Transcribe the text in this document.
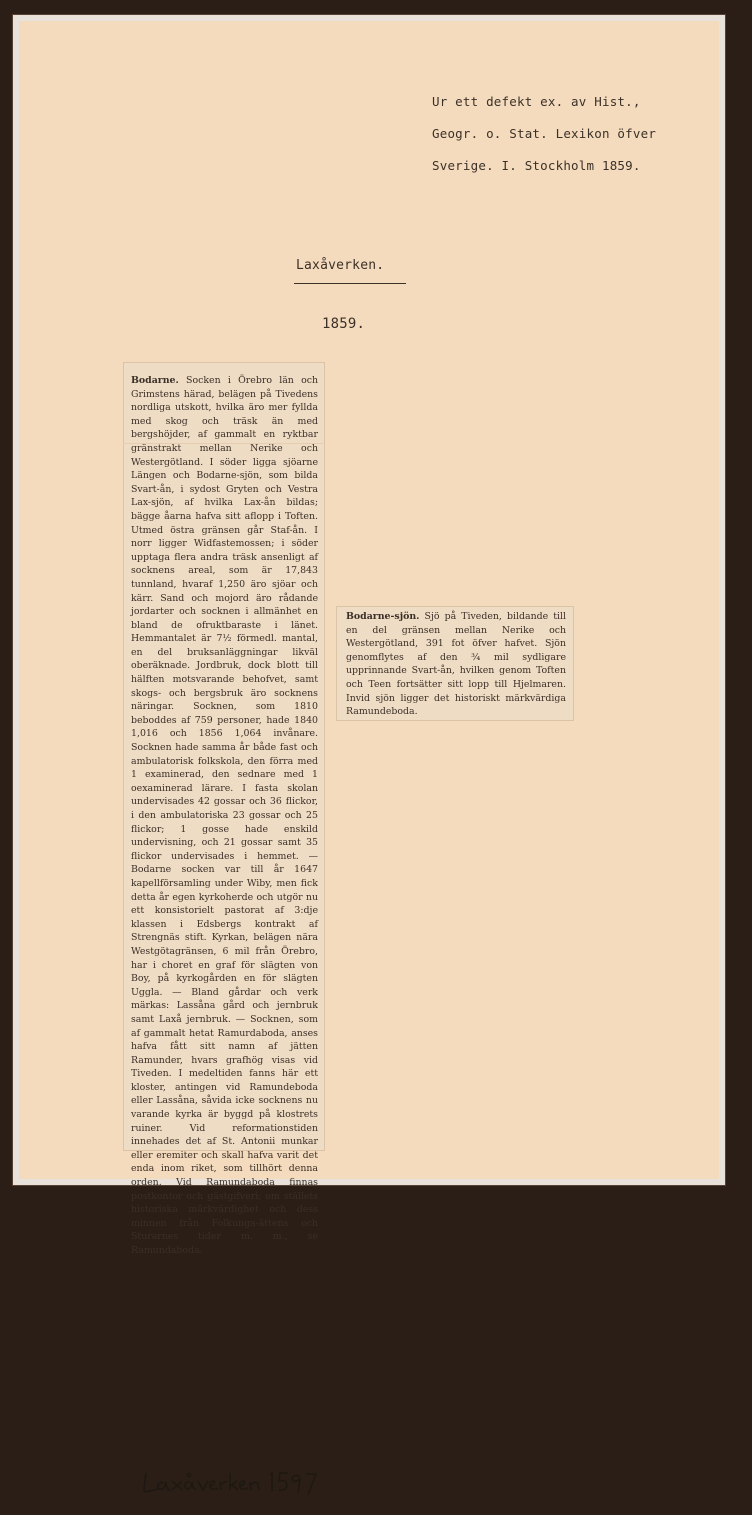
Ur ett defekt ex. av Hist.,
Geogr. o. Stat. Lexikon öfver
Sverige. I. Stockholm 1859.
Laxåverken.
1859.
Bodarne. Socken i Örebro län och Grimstens härad, belägen på Tivedens nordliga utskott, hvilka äro mer fyllda med skog och träsk än med bergshöjder, af gammalt en ryktbar gränstrakt mellan Nerike och Westergötland. I söder ligga sjöarne Längen och Bodarne-sjön, som bilda Svart-ån, i sydost Gryten och Vestra Lax-sjön, af hvilka Lax-ån bildas; bägge åarna hafva sitt aflopp i Toften. Utmed östra gränsen går Staf-ån. I norr ligger Widfastemossen; i söder upptaga flera andra träsk ansenligt af socknens areal, som är 17,843 tunnland, hvaraf 1,250 äro sjöar och kärr. Sand och mojord äro rådande jordarter och socknen i allmänhet en bland de ofruktbaraste i länet. Hemmantalet är 7½ förmedl. mantal, en del bruksanläggningar likväl oberäknade. Jordbruk, dock blott till hälften motsvarande behofvet, samt skogs- och bergsbruk äro socknens näringar. Socknen, som 1810 beboddes af 759 personer, hade 1840 1,016 och 1856 1,064 invånare. Socknen hade samma år både fast och ambulatorisk folkskola, den förra med 1 examinerad, den sednare med 1 oexaminerad lärare. I fasta skolan undervisades 42 gossar och 36 flickor, i den ambulatoriska 23 gossar och 25 flickor; 1 gosse hade enskild undervisning, och 21 gossar samt 35 flickor undervisades i hemmet. — Bodarne socken var till år 1647 kapellförsamling under Wiby, men fick detta år egen kyrkoherde och utgör nu ett konsistorielt pastorat af 3:dje klassen i Edsbergs kontrakt af Strengnäs stift. Kyrkan, belägen nära Westgötagränsen, 6 mil från Örebro, har i choret en graf för slägten von Boy, på kyrkogården en för slägten Uggla. — Bland gårdar och verk märkas: Lassåna gård och jernbruk samt Laxå jernbruk. — Socknen, som af gammalt hetat Ramurdaboda, anses hafva fått sitt namn af jätten Ramunder, hvars grafhög visas vid Tiveden. I medeltiden fanns här ett kloster, antingen vid Ramundeboda eller Lassåna, såvida icke socknens nu varande kyrka är byggd på klostrets ruiner. Vid reformationstiden innehades det af St. Antonii munkar eller eremiter och skall hafva varit det enda inom riket, som tillhört denna orden. Vid Ramundaboda finnas postkontor och gästgifveri; om ställets historiska märkvärdighet och dess minnen från Folkunga-ättens och Sturarnes tider m. m., se Ramundaboda.
Bodarne-sjön. Sjö på Tiveden, bildande till en del gränsen mellan Nerike och Westergötland, 391 fot öfver hafvet. Sjön genomflytes af den ¾ mil sydligare upprinnande Svart-ån, hvilken genom Toften och Teen fortsätter sitt lopp till Hjelmaren. Invid sjön ligger det historiskt märkvärdiga Ramundeboda.
